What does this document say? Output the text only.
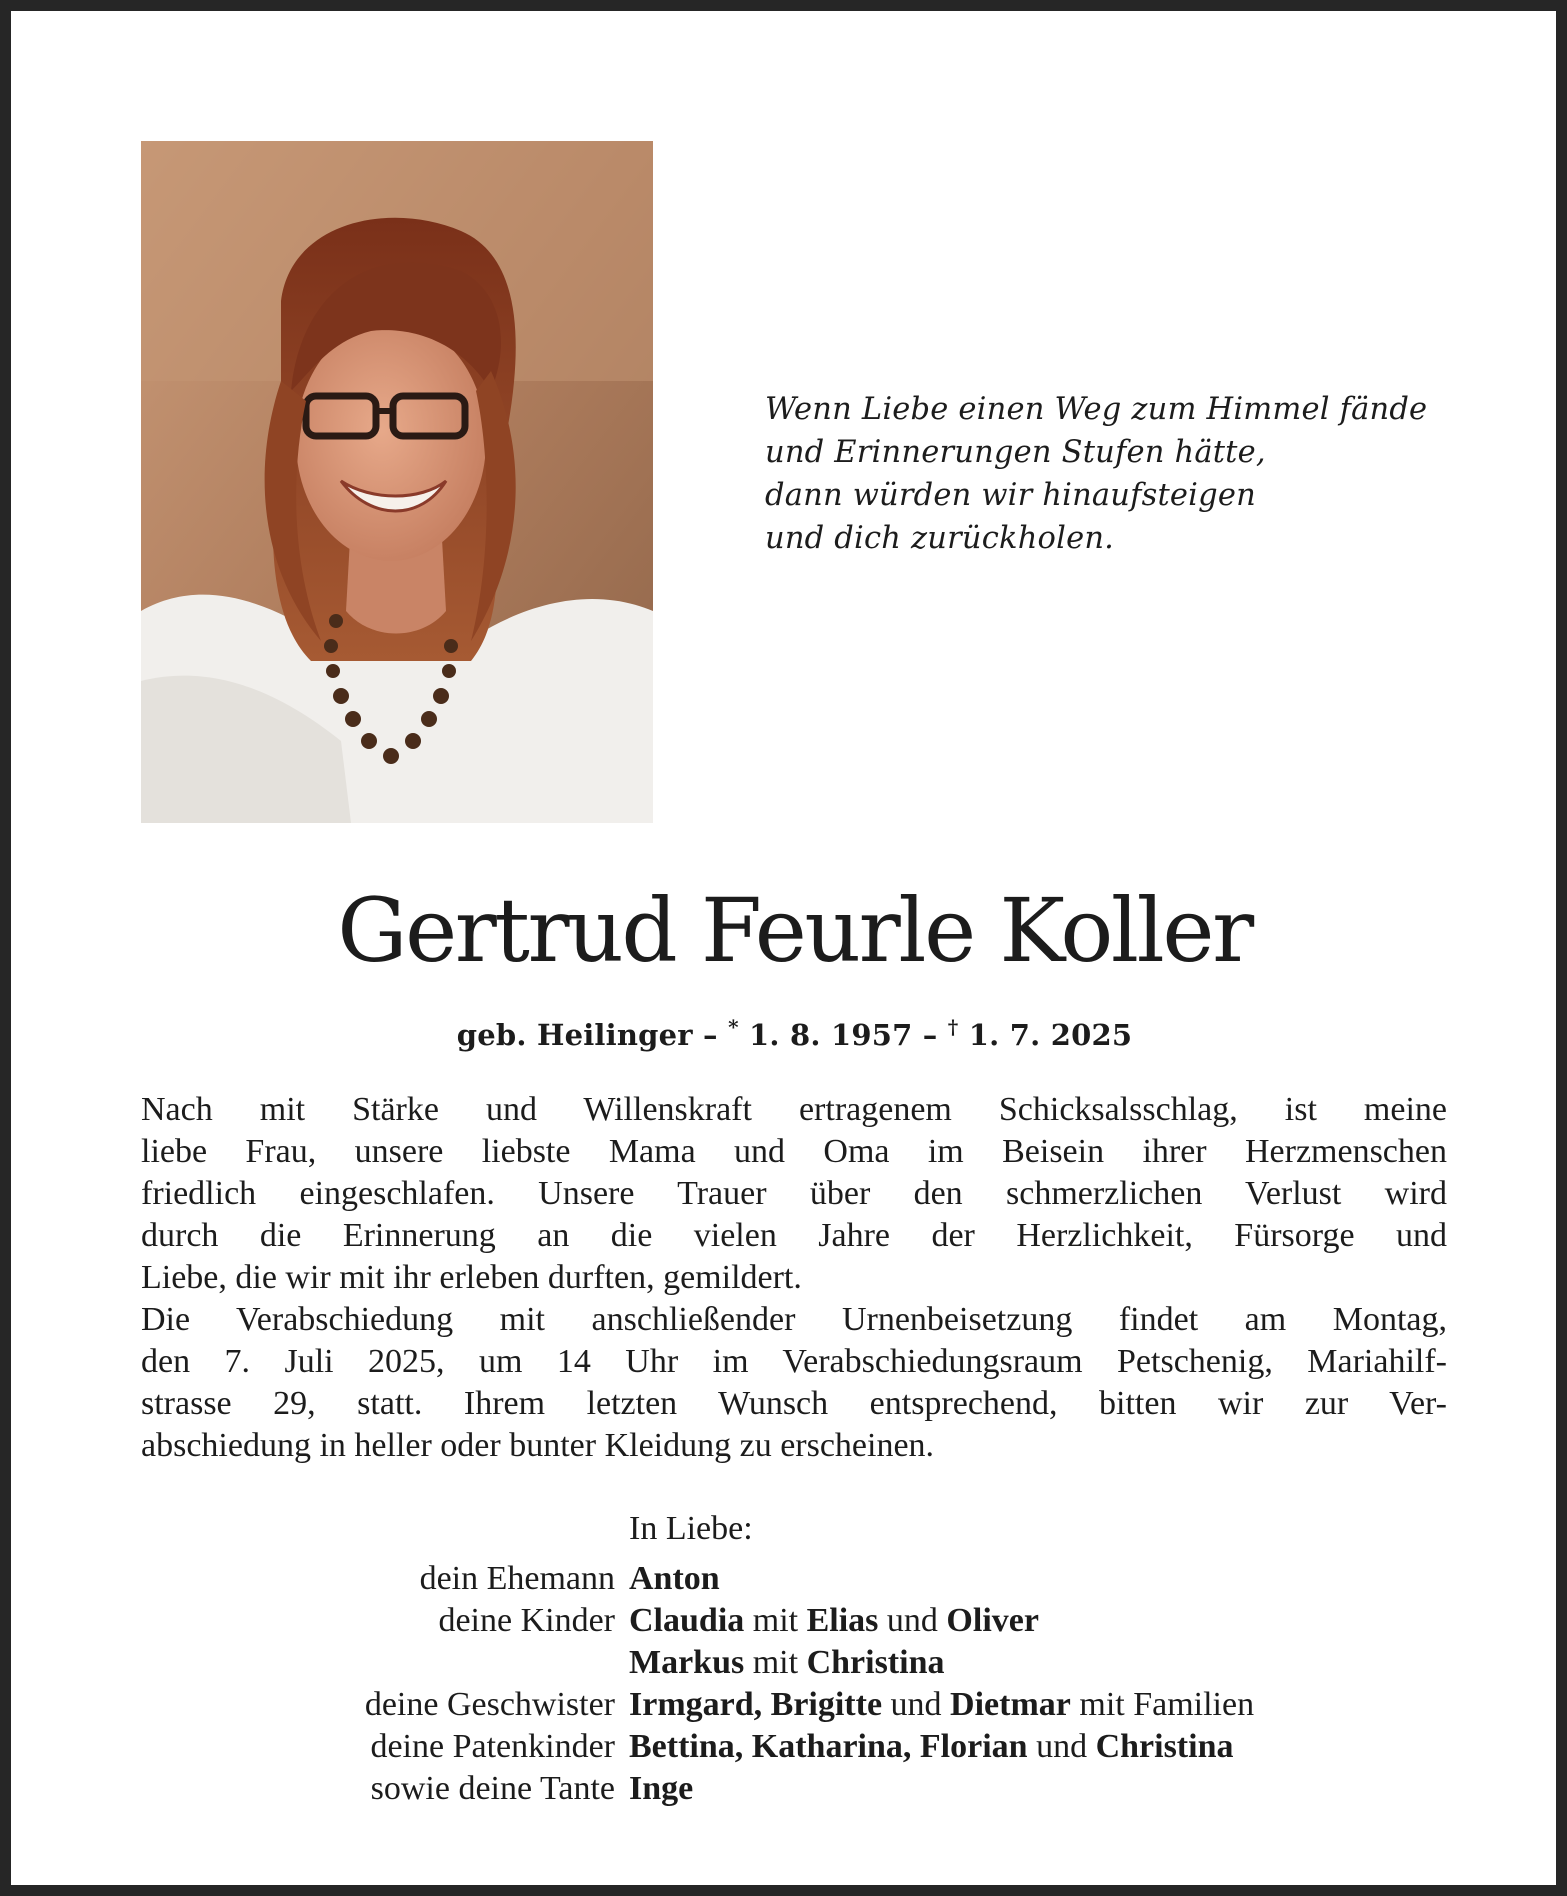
Wenn Liebe einen Weg zum Himmel fände
und Erinnerungen Stufen hätte,
dann würden wir hinaufsteigen
und dich zurückholen.
Gertrud Feurle Koller
geb. Heilinger – * 1. 8. 1957 – † 1. 7. 2025
Nach mit Stärke und Willenskraft ertragenem Schicksalsschlag, ist meine
liebe Frau, unsere liebste Mama und Oma im Beisein ihrer Herzmenschen
friedlich eingeschlafen. Unsere Trauer über den schmerzlichen Verlust wird
durch die Erinnerung an die vielen Jahre der Herzlichkeit, Fürsorge und
Liebe, die wir mit ihr erleben durften, gemildert.
Die Verabschiedung mit anschließender Urnenbeisetzung findet am Montag,
den 7. Juli 2025, um 14 Uhr im Verabschiedungsraum Petschenig, Mariahilf-
strasse 29, statt. Ihrem letzten Wunsch entsprechend, bitten wir zur Ver-
abschiedung in heller oder bunter Kleidung zu erscheinen.
In Liebe:
dein Ehemann Anton
deine Kinder Claudia mit Elias und Oliver
Markus mit Christina
deine Geschwister Irmgard, Brigitte und Dietmar mit Familien
deine Patenkinder Bettina, Katharina, Florian und Christina
sowie deine Tante Inge
